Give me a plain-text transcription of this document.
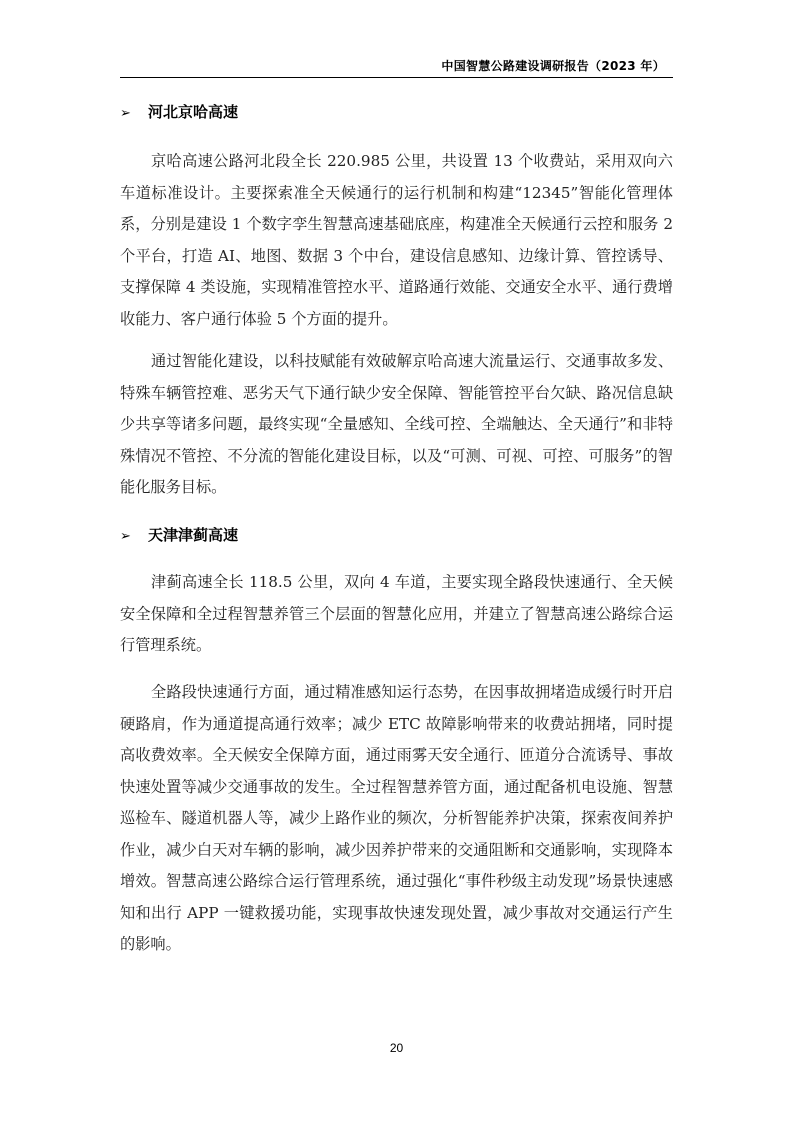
中国智慧公路建设调研报告（2023 年）
➢ 河北京哈高速

京哈高速公路河北段全长 220.985 公里，共设置 13 个收费站，采用双向六车道标准设计。主要探索准全天候通行的运行机制和构建“12345”智能化管理体系，分别是建设 1 个数字孪生智慧高速基础底座，构建准全天候通行云控和服务 2 个平台，打造 AI、地图、数据 3 个中台，建设信息感知、边缘计算、管控诱导、支撑保障 4 类设施，实现精准管控水平、道路通行效能、交通安全水平、通行费增收能力、客户通行体验 5 个方面的提升。

通过智能化建设，以科技赋能有效破解京哈高速大流量运行、交通事故多发、特殊车辆管控难、恶劣天气下通行缺少安全保障、智能管控平台欠缺、路况信息缺少共享等诸多问题，最终实现“全量感知、全线可控、全端触达、全天通行”和非特殊情况不管控、不分流的智能化建设目标，以及“可测、可视、可控、可服务”的智能化服务目标。

➢ 天津津蓟高速

津蓟高速全长 118.5 公里，双向 4 车道，主要实现全路段快速通行、全天候安全保障和全过程智慧养管三个层面的智慧化应用，并建立了智慧高速公路综合运行管理系统。

全路段快速通行方面，通过精准感知运行态势，在因事故拥堵造成缓行时开启硬路肩，作为通道提高通行效率；减少 ETC 故障影响带来的收费站拥堵，同时提高收费效率。全天候安全保障方面，通过雨雾天安全通行、匝道分合流诱导、事故快速处置等减少交通事故的发生。全过程智慧养管方面，通过配备机电设施、智慧巡检车、隧道机器人等，减少上路作业的频次，分析智能养护决策，探索夜间养护作业，减少白天对车辆的影响，减少因养护带来的交通阻断和交通影响，实现降本增效。智慧高速公路综合运行管理系统，通过强化“事件秒级主动发现”场景快速感知和出行 APP 一键救援功能，实现事故快速发现处置，减少事故对交通运行产生的影响。

20
